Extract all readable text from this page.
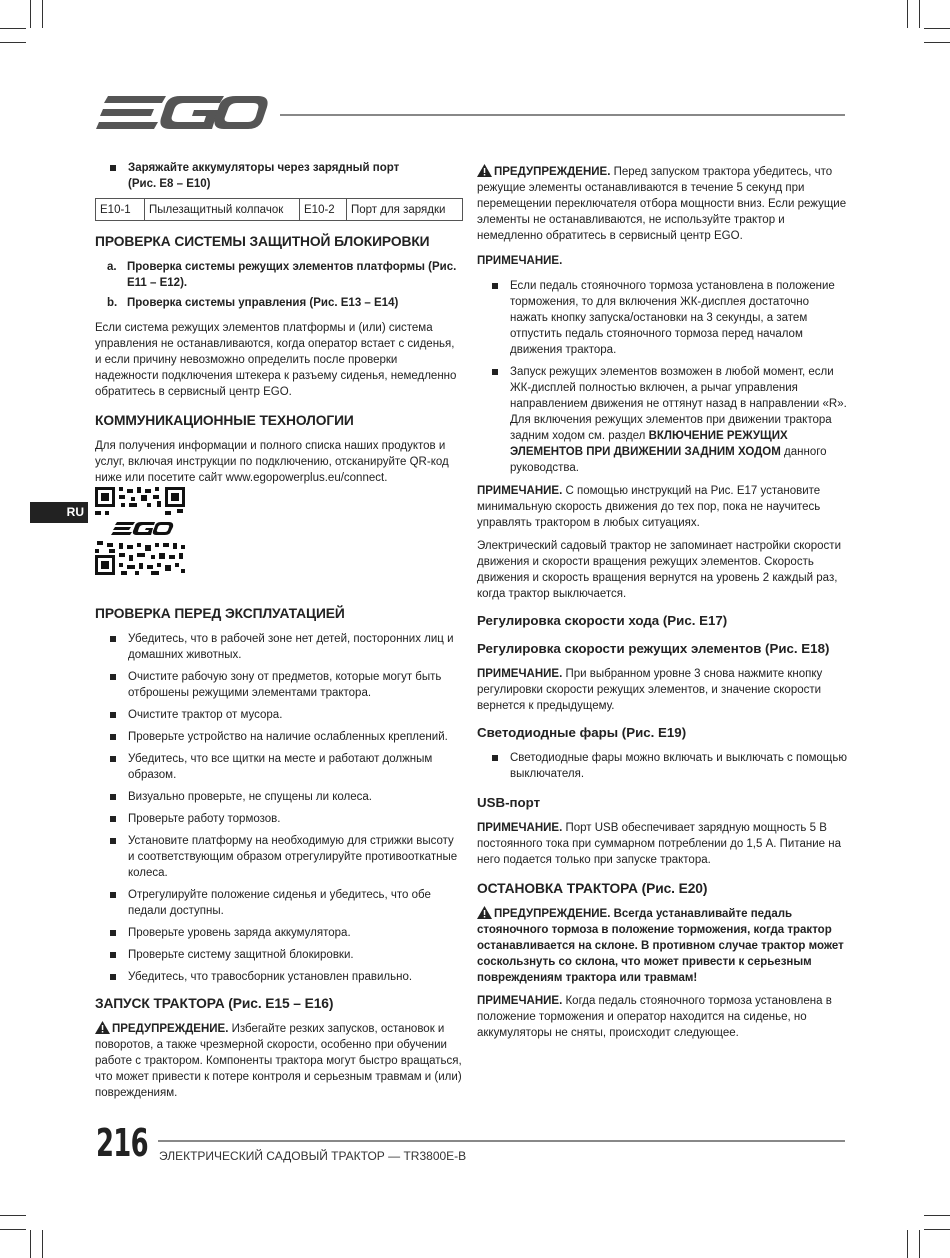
RU
Заряжайте аккумуляторы через зарядный порт
(Рис. E8 – E10)
E10-1	Пылезащитный колпачок	E10-2	Порт для зарядки
ПРОВЕРКА СИСТЕМЫ ЗАЩИТНОЙ БЛОКИРОВКИ
a. Проверка системы режущих элементов платформы (Рис. E11 – E12).
b. Проверка системы управления (Рис. E13 – E14)

Если система режущих элементов платформы и (или) система управления не останавливаются, когда оператор встает с сиденья, и если причину невозможно определить после проверки надежности подключения штекера к разъему сиденья, немедленно обратитесь в сервисный центр EGO.

КОММУНИКАЦИОННЫЕ ТЕХНОЛОГИИ

Для получения информации и полного списка наших продуктов и услуг, включая инструкции по подключению, отсканируйте QR-код ниже или посетите сайт www.egopowerplus.eu/connect.

ПРОВЕРКА ПЕРЕД ЭКСПЛУАТАЦИЕЙ
Убедитесь, что в рабочей зоне нет детей, посторонних лиц и домашних животных.
Очистите рабочую зону от предметов, которые могут быть отброшены режущими элементами трактора.
Очистите трактор от мусора.
Проверьте устройство на наличие ослабленных креплений.
Убедитесь, что все щитки на месте и работают должным образом.
Визуально проверьте, не спущены ли колеса.
Проверьте работу тормозов.
Установите платформу на необходимую для стрижки высоту и соответствующим образом отрегулируйте противооткатные колеса.
Отрегулируйте положение сиденья и убедитесь, что обе педали доступны.
Проверьте уровень заряда аккумулятора.
Проверьте систему защитной блокировки.
Убедитесь, что травосборник установлен правильно.
ЗАПУСК ТРАКТОРА (Рис. E15 – E16)

ПРЕДУПРЕЖДЕНИЕ. Избегайте резких запусков, остановок и поворотов, а также чрезмерной скорости, особенно при обучении работе с трактором. Компоненты трактора могут быстро вращаться, что может привести к потере контроля и серьезным травмам и (или) повреждениям.

ПРЕДУПРЕЖДЕНИЕ. Перед запуском трактора убедитесь, что режущие элементы останавливаются в течение 5 секунд при перемещении переключателя отбора мощности вниз. Если режущие элементы не останавливаются, не используйте трактор и немедленно обратитесь в сервисный центр EGO.

ПРИМЕЧАНИЕ.

Если педаль стояночного тормоза установлена в положение торможения, то для включения ЖК-дисплея достаточно нажать кнопку запуска/остановки на 3 секунды, а затем отпустить педаль стояночного тормоза перед началом движения трактора.
Запуск режущих элементов возможен в любой момент, если ЖК-дисплей полностью включен, а рычаг управления направлением движения не оттянут назад в направлении «R». Для включения режущих элементов при движении трактора задним ходом см. раздел ВКЛЮЧЕНИЕ РЕЖУЩИХ ЭЛЕМЕНТОВ ПРИ ДВИЖЕНИИ ЗАДНИМ ХОДОМ данного руководства.

ПРИМЕЧАНИЕ. С помощью инструкций на Рис. E17 установите минимальную скорость движения до тех пор, пока не научитесь управлять трактором в любых ситуациях.

Электрический садовый трактор не запоминает настройки скорости движения и скорости вращения режущих элементов. Скорость движения и скорость вращения вернутся на уровень 2 каждый раз, когда трактор выключается.

Регулировка скорости хода (Рис. E17)
Регулировка скорости режущих элементов (Рис. E18)

ПРИМЕЧАНИЕ. При выбранном уровне 3 снова нажмите кнопку регулировки скорости режущих элементов, и значение скорости вернется к предыдущему.

Светодиодные фары (Рис. E19)
Светодиодные фары можно включать и выключать с помощью выключателя.
USB-порт

ПРИМЕЧАНИЕ. Порт USB обеспечивает зарядную мощность 5 В постоянного тока при суммарном потреблении до 1,5 А. Питание на него подается только при запуске трактора.

ОСТАНОВКА ТРАКТОРА (Рис. E20)

ПРЕДУПРЕЖДЕНИЕ. Всегда устанавливайте педаль стояночного тормоза в положение торможения, когда трактор останавливается на склоне. В противном случае трактор может соскользнуть со склона, что может привести к серьезным повреждениям трактора или травмам!

ПРИМЕЧАНИЕ. Когда педаль стояночного тормоза установлена в положение торможения и оператор находится на сиденье, но аккумуляторы не сняты, происходит следующее.

216 ЭЛЕКТРИЧЕСКИЙ САДОВЫЙ ТРАКТОР — TR3800E-B
